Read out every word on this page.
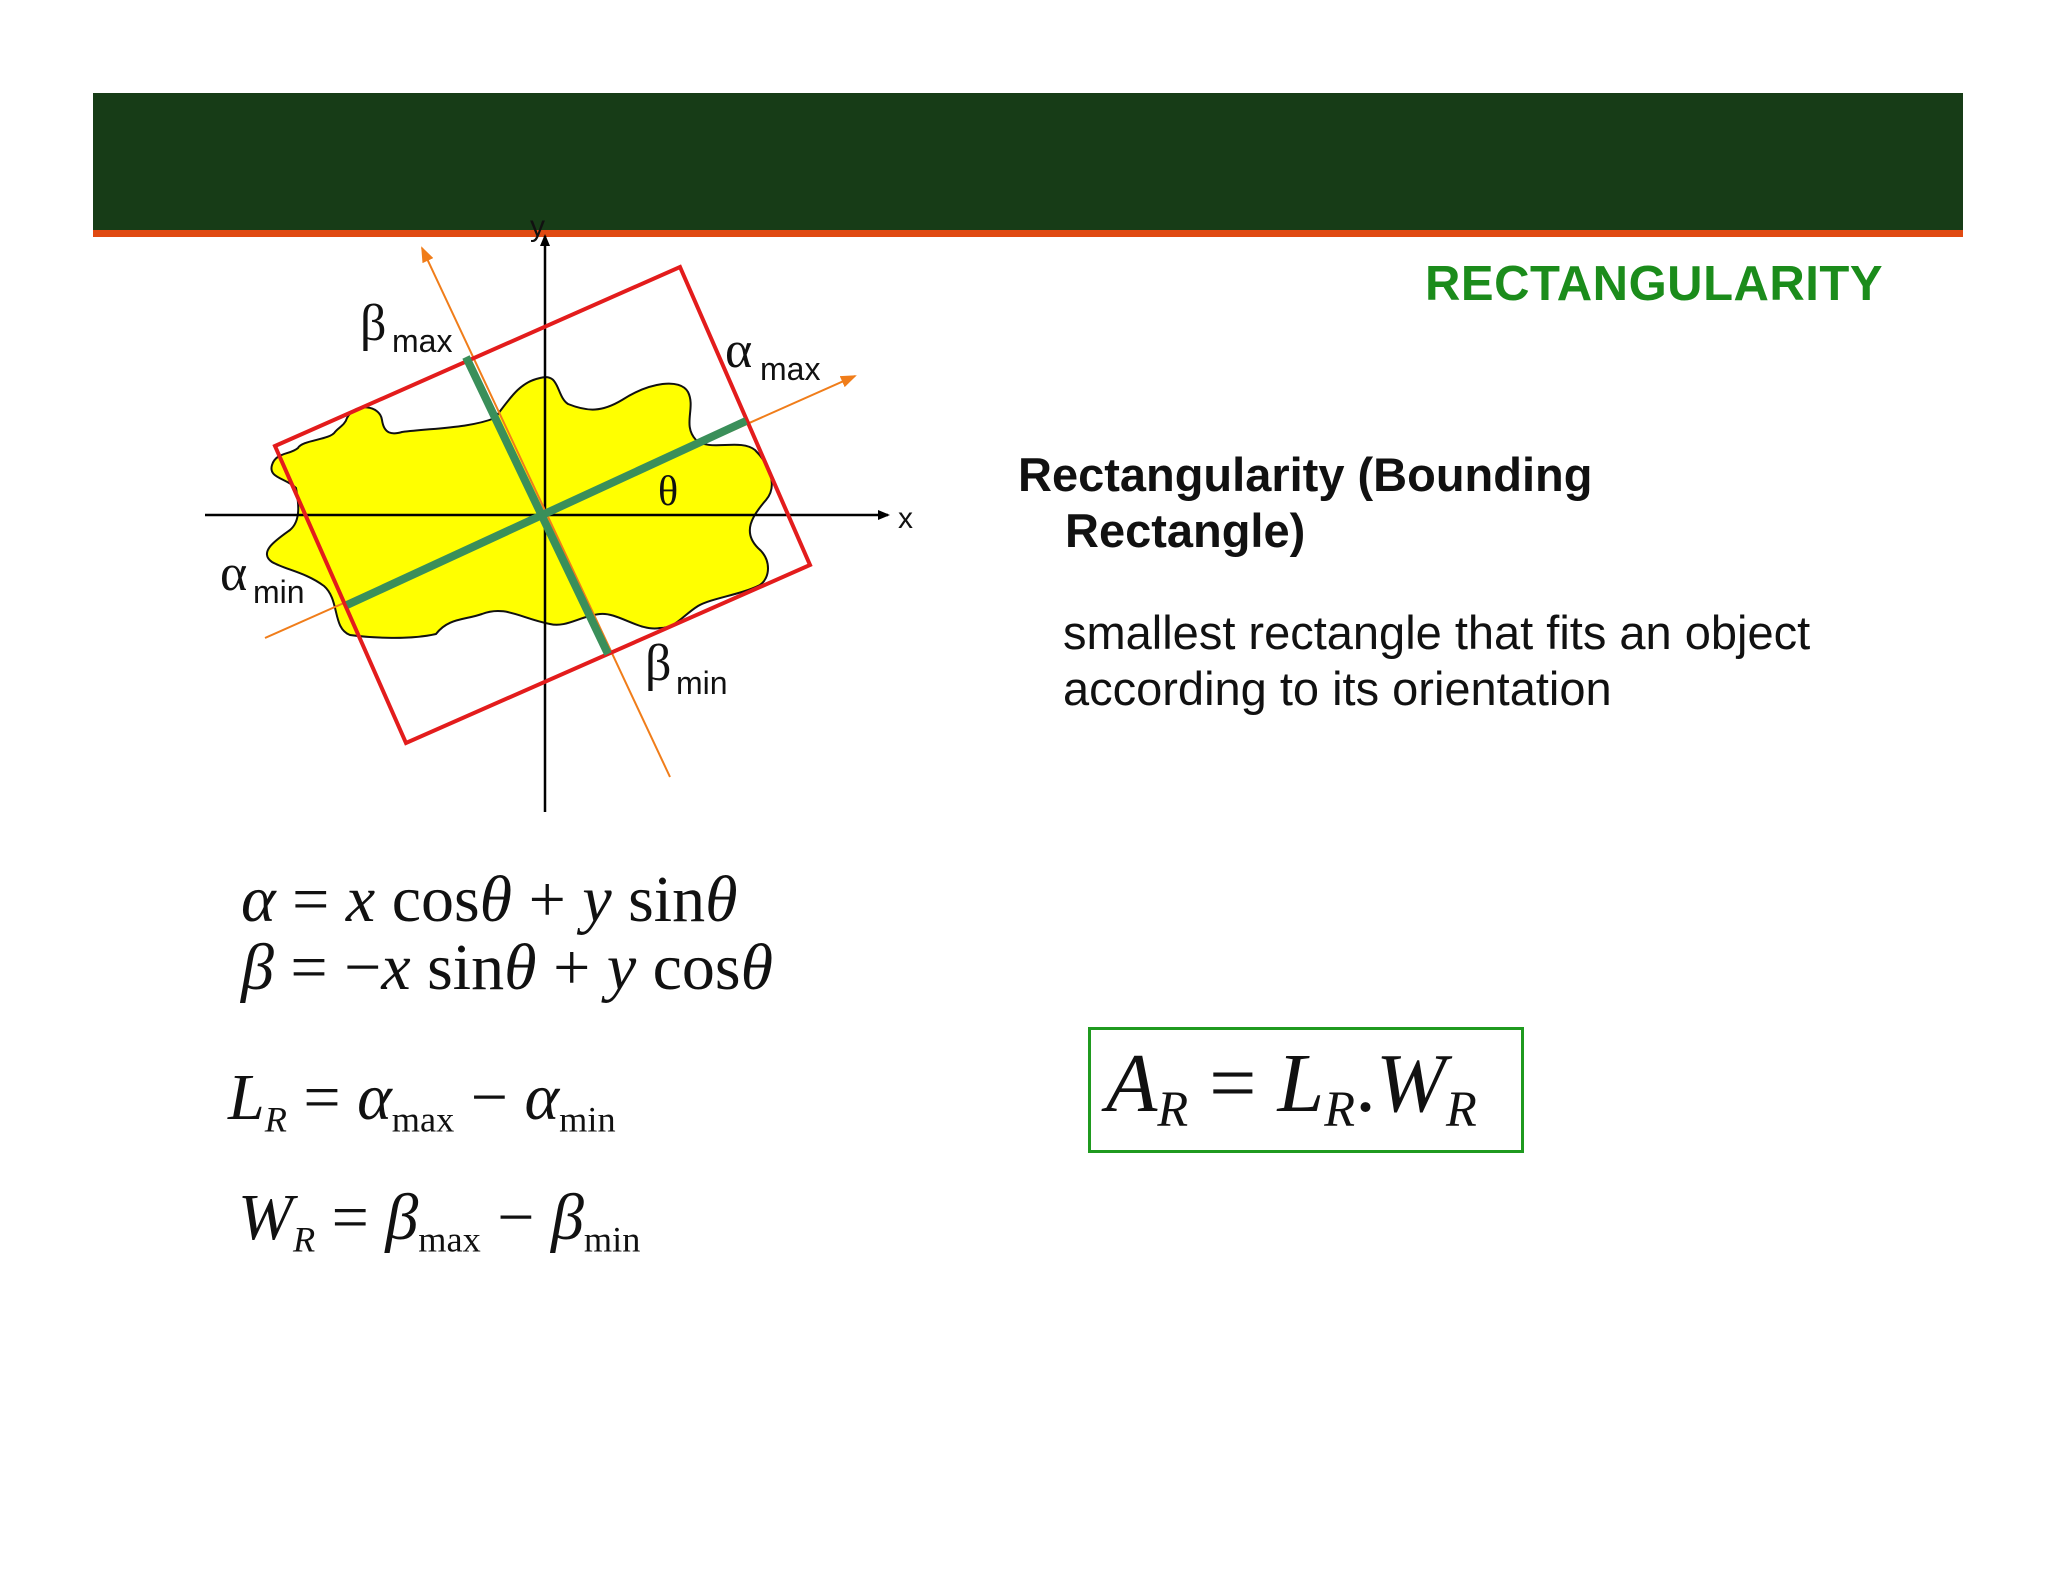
RECTANGULARITY
y
x
θ
β max	α max
α min
β min
Rectangularity (Bounding Rectangle)
smallest rectangle that fits an object according to its orientation
α = x cosθ + y sinθ
β = −x sinθ + y cosθ
$L_R = \alpha_{max} - \alpha_{min}$
$W_R = \beta_{max} - \beta_{min}$
$A_R = L_R.W_R$
